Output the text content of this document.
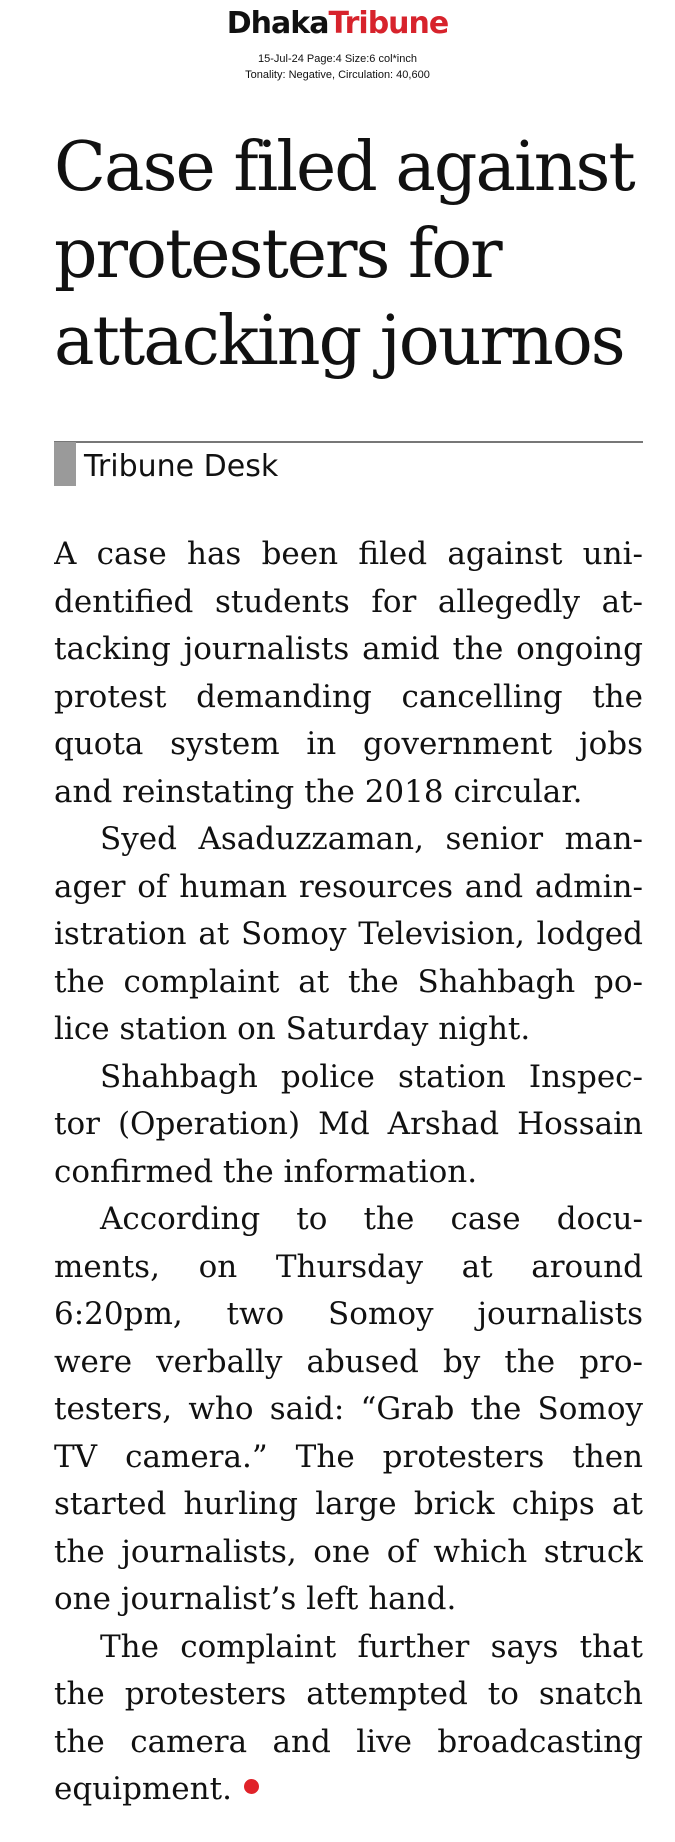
DhakaTribune
15-Jul-24 Page:4 Size:6 col*inch
Tonality: Negative, Circulation: 40,600
Case filed against
protesters for
attacking journos
Tribune Desk
A case has been filed against uni-
dentified students for allegedly at-
tacking journalists amid the ongoing
protest demanding cancelling the
quota system in government jobs
and reinstating the 2018 circular.
Syed Asaduzzaman, senior man-
ager of human resources and admin-
istration at Somoy Television, lodged
the complaint at the Shahbagh po-
lice station on Saturday night.
Shahbagh police station Inspec-
tor (Operation) Md Arshad Hossain
confirmed the information.
According to the case docu-
ments, on Thursday at around
6:20pm, two Somoy journalists
were verbally abused by the pro-
testers, who said: “Grab the Somoy
TV camera.” The protesters then
started hurling large brick chips at
the journalists, one of which struck
one journalist’s left hand.
The complaint further says that
the protesters attempted to snatch
the camera and live broadcasting
equipment.
